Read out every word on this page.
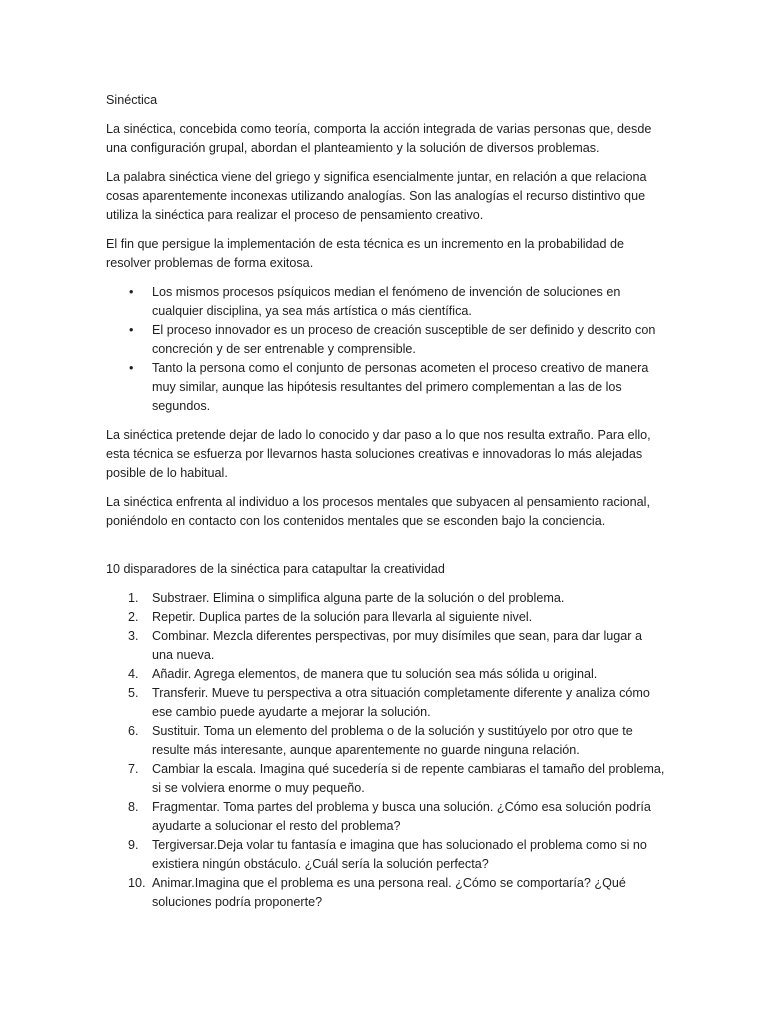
Sinéctica

La sinéctica, concebida como teoría, comporta la acción integrada de varias personas que, desde una configuración grupal, abordan el planteamiento y la solución de diversos problemas.

La palabra sinéctica viene del griego y significa esencialmente juntar, en relación a que relaciona cosas aparentemente inconexas utilizando analogías. Son las analogías el recurso distintivo que utiliza la sinéctica para realizar el proceso de pensamiento creativo.

El fin que persigue la implementación de esta técnica es un incremento en la probabilidad de resolver problemas de forma exitosa.

• Los mismos procesos psíquicos median el fenómeno de invención de soluciones en cualquier disciplina, ya sea más artística o más científica.
• El proceso innovador es un proceso de creación susceptible de ser definido y descrito con concreción y de ser entrenable y comprensible.
• Tanto la persona como el conjunto de personas acometen el proceso creativo de manera muy similar, aunque las hipótesis resultantes del primero complementan a las de los segundos.

La sinéctica pretende dejar de lado lo conocido y dar paso a lo que nos resulta extraño. Para ello, esta técnica se esfuerza por llevarnos hasta soluciones creativas e innovadoras lo más alejadas posible de lo habitual.

La sinéctica enfrenta al individuo a los procesos mentales que subyacen al pensamiento racional, poniéndolo en contacto con los contenidos mentales que se esconden bajo la conciencia.

10 disparadores de la sinéctica para catapultar la creatividad
1. Substraer. Elimina o simplifica alguna parte de la solución o del problema.
2. Repetir. Duplica partes de la solución para llevarla al siguiente nivel.
3. Combinar. Mezcla diferentes perspectivas, por muy disímiles que sean, para dar lugar a una nueva.
4. Añadir. Agrega elementos, de manera que tu solución sea más sólida u original.
5. Transferir. Mueve tu perspectiva a otra situación completamente diferente y analiza cómo ese cambio puede ayudarte a mejorar la solución.
6. Sustituir. Toma un elemento del problema o de la solución y sustitúyelo por otro que te resulte más interesante, aunque aparentemente no guarde ninguna relación.
7. Cambiar la escala. Imagina qué sucedería si de repente cambiaras el tamaño del problema, si se volviera enorme o muy pequeño.
8. Fragmentar. Toma partes del problema y busca una solución. ¿Cómo esa solución podría ayudarte a solucionar el resto del problema?
9. Tergiversar.Deja volar tu fantasía e imagina que has solucionado el problema como si no existiera ningún obstáculo. ¿Cuál sería la solución perfecta?
10. Animar.Imagina que el problema es una persona real. ¿Cómo se comportaría? ¿Qué soluciones podría proponerte?
